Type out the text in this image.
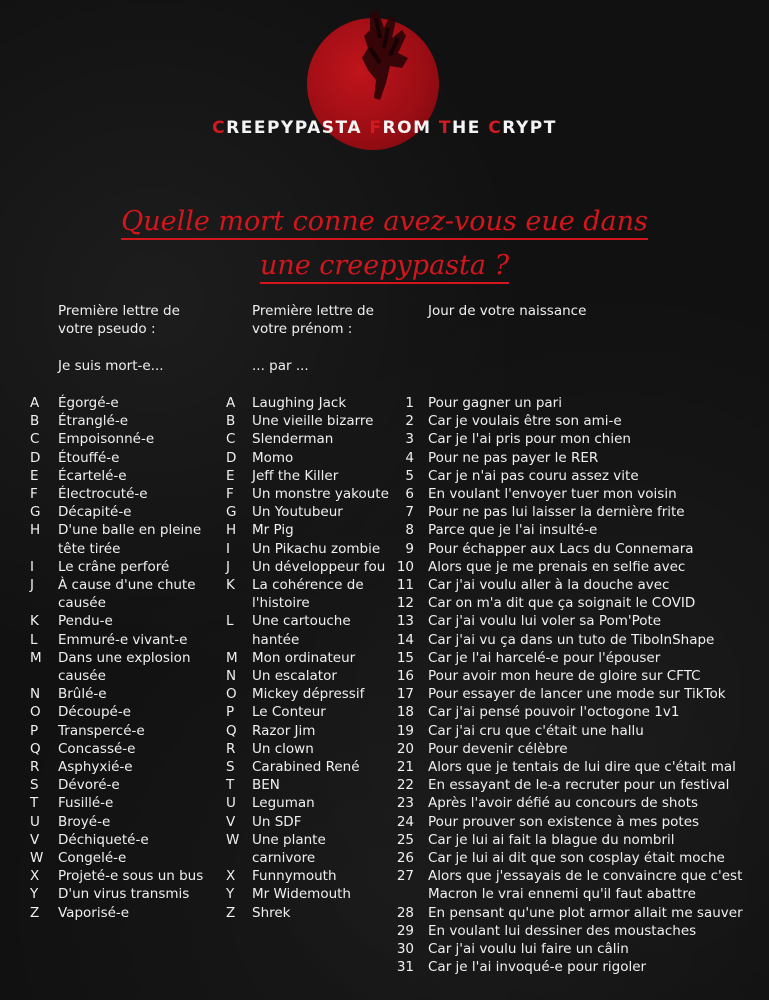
CREEPYPASTA FROM THE CRYPT
Quelle mort conne avez-vous eue dans
une creepypasta ?
Première lettre de
votre pseudo :
Première lettre de
votre prénom :
Jour de votre naissance
Je suis mort-e...	... par ...
A	Égorgé-e
B	Étranglé-e
C	Empoisonné-e
D	Étouffé-e
E	Écartelé-e
F	Électrocuté-e
G	Décapité-e
H	D'une balle en pleine
tête tirée
I	Le crâne perforé
J	À cause d'une chute
causée
K	Pendu-e
L	Emmuré-e vivant-e
M	Dans une explosion
causée
N	Brûlé-e
O	Découpé-e
P	Transpercé-e
Q	Concassé-e
R	Asphyxié-e
S	Dévoré-e
T	Fusillé-e
U	Broyé-e
V	Déchiqueté-e
W	Congelé-e
X	Projeté-e sous un bus
Y	D'un virus transmis
Z	Vaporisé-e
A	Laughing Jack
B	Une vieille bizarre
C	Slenderman
D	Momo
E	Jeff the Killer
F	Un monstre yakoute
G	Un Youtubeur
H	Mr Pig
I	Un Pikachu zombie
J	Un développeur fou
K	La cohérence de
l'histoire
L	Une cartouche
hantée
M	Mon ordinateur
N	Un escalator
O	Mickey dépressif
P	Le Conteur
Q	Razor Jim
R	Un clown
S	Carabined René
T	BEN
U	Leguman
V	Un SDF
W Une plante
carnivore
X	Funnymouth
Y	Mr Widemouth
Z	Shrek
1 Pour gagner un pari
2 Car je voulais être son ami-e
3 Car je l'ai pris pour mon chien
4 Pour ne pas payer le RER
5 Car je n'ai pas couru assez vite
6 En voulant l'envoyer tuer mon voisin
7 Pour ne pas lui laisser la dernière frite
8 Parce que je l'ai insulté-e
9 Pour échapper aux Lacs du Connemara
10 Alors que je me prenais en selfie avec
11 Car j'ai voulu aller à la douche avec
12 Car on m'a dit que ça soignait le COVID
13 Car j'ai voulu lui voler sa Pom'Pote
14 Car j'ai vu ça dans un tuto de TiboInShape
15 Car je l'ai harcelé-e pour l'épouser
16 Pour avoir mon heure de gloire sur CFTC
17 Pour essayer de lancer une mode sur TikTok
18 Car j'ai pensé pouvoir l'octogone 1v1
19 Car j'ai cru que c'était une hallu
20 Pour devenir célèbre
21 Alors que je tentais de lui dire que c'était mal
22 En essayant de le-a recruter pour un festival
23 Après l'avoir défié au concours de shots
24 Pour prouver son existence à mes potes
25 Car je lui ai fait la blague du nombril
26 Car je lui ai dit que son cosplay était moche
27 Alors que j'essayais de le convaincre que c'est
Macron le vrai ennemi qu'il faut abattre
28 En pensant qu'une plot armor allait me sauver
29 En voulant lui dessiner des moustaches
30 Car j'ai voulu lui faire un câlin
31 Car je l'ai invoqué-e pour rigoler
